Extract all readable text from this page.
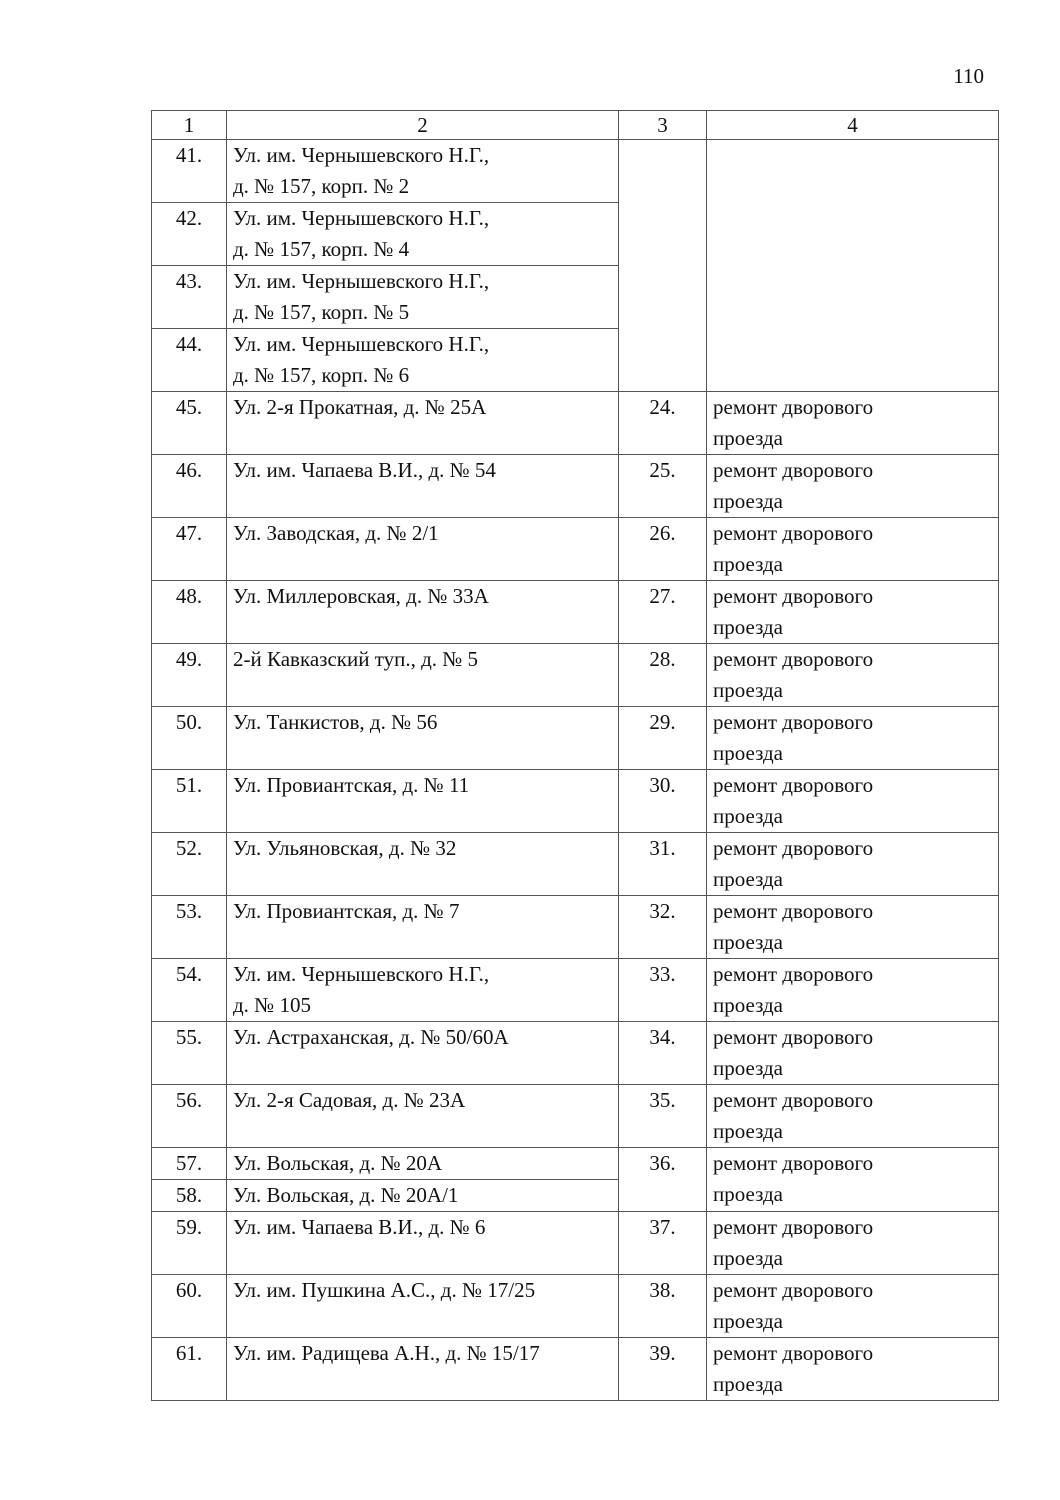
110
1	2	3	4
41.	Ул. им. Чернышевского Н.Г.,
д. № 157, корп. № 2		
42.	Ул. им. Чернышевского Н.Г.,
д. № 157, корп. № 4		
43.	Ул. им. Чернышевского Н.Г.,
д. № 157, корп. № 5		
44.	Ул. им. Чернышевского Н.Г.,
д. № 157, корп. № 6		
45.	Ул. 2-я Прокатная, д. № 25А	24.	ремонт дворового
проезда
46.	Ул. им. Чапаева В.И., д. № 54	25.	ремонт дворового
проезда
47.	Ул. Заводская, д. № 2/1	26.	ремонт дворового
проезда
48.	Ул. Миллеровская, д. № 33А	27.	ремонт дворового
проезда
49.	2-й Кавказский туп., д. № 5	28.	ремонт дворового
проезда
50.	Ул. Танкистов, д. № 56	29.	ремонт дворового
проезда
51.	Ул. Провиантская, д. № 11	30.	ремонт дворового
проезда
52.	Ул. Ульяновская, д. № 32	31.	ремонт дворового
проезда
53.	Ул. Провиантская, д. № 7	32.	ремонт дворового
проезда
54.	Ул. им. Чернышевского Н.Г.,
д. № 105	33.	ремонт дворового
проезда
55.	Ул. Астраханская, д. № 50/60А	34.	ремонт дворового
проезда
56.	Ул. 2-я Садовая, д. № 23А	35.	ремонт дворового
проезда
57.	Ул. Вольская, д. № 20А	36.	ремонт дворового
проезда
58.	Ул. Вольская, д. № 20А/1		
59.	Ул. им. Чапаева В.И., д. № 6	37.	ремонт дворового
проезда
60.	Ул. им. Пушкина А.С., д. № 17/25	38.	ремонт дворового
проезда
61.	Ул. им. Радищева А.Н., д. № 15/17	39.	ремонт дворового
проезда
